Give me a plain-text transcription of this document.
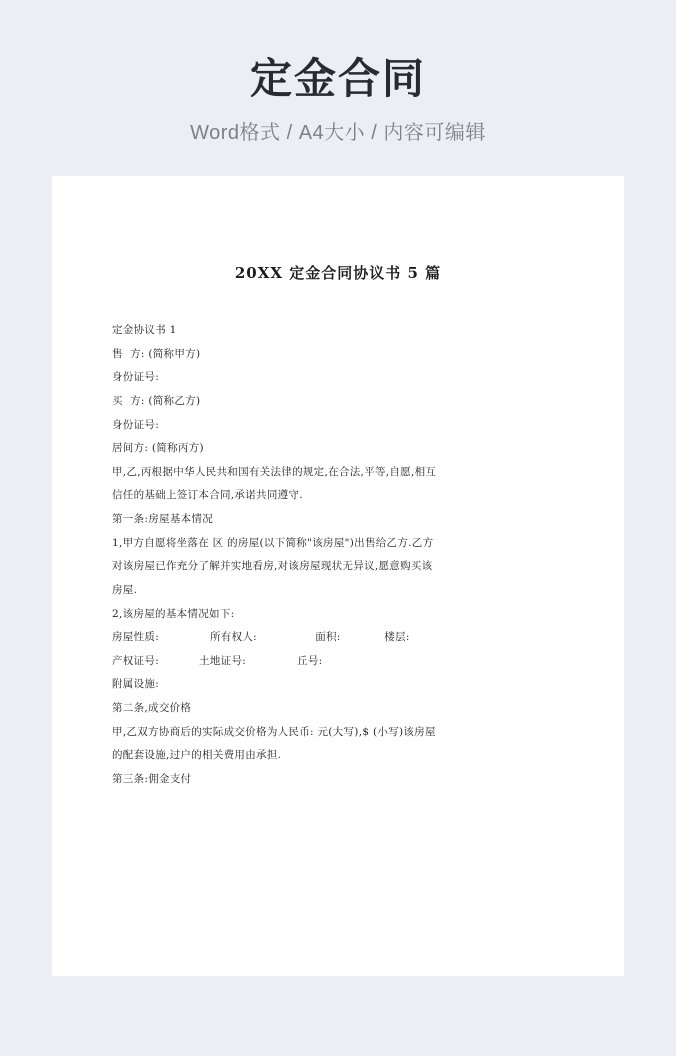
定金合同
Word格式 / A4大小 / 内容可编辑
20XX 定金合同协议书 5 篇
定金协议书 1
售  方: (简称甲方)
身份证号:
买  方: (简称乙方)
身份证号:
居间方: (简称丙方)
甲,乙,丙根据中华人民共和国有关法律的规定,在合法,平等,自愿,相互
信任的基础上签订本合同,承诺共同遵守.
第一条:房屋基本情况
1,甲方自愿将坐落在 区 的房屋(以下简称"该房屋")出售给乙方.乙方
对该房屋已作充分了解并实地看房,对该房屋现状无异议,愿意购买该
房屋.
2,该房屋的基本情况如下:
房屋性质:              所有权人:                面积:            楼层:
产权证号:           土地证号:              丘号:
附属设施:
第二条,成交价格
甲,乙双方协商后的实际成交价格为人民币: 元(大写),$ (小写)该房屋
的配套设施,过户的相关费用由承担.
第三条:佣金支付
